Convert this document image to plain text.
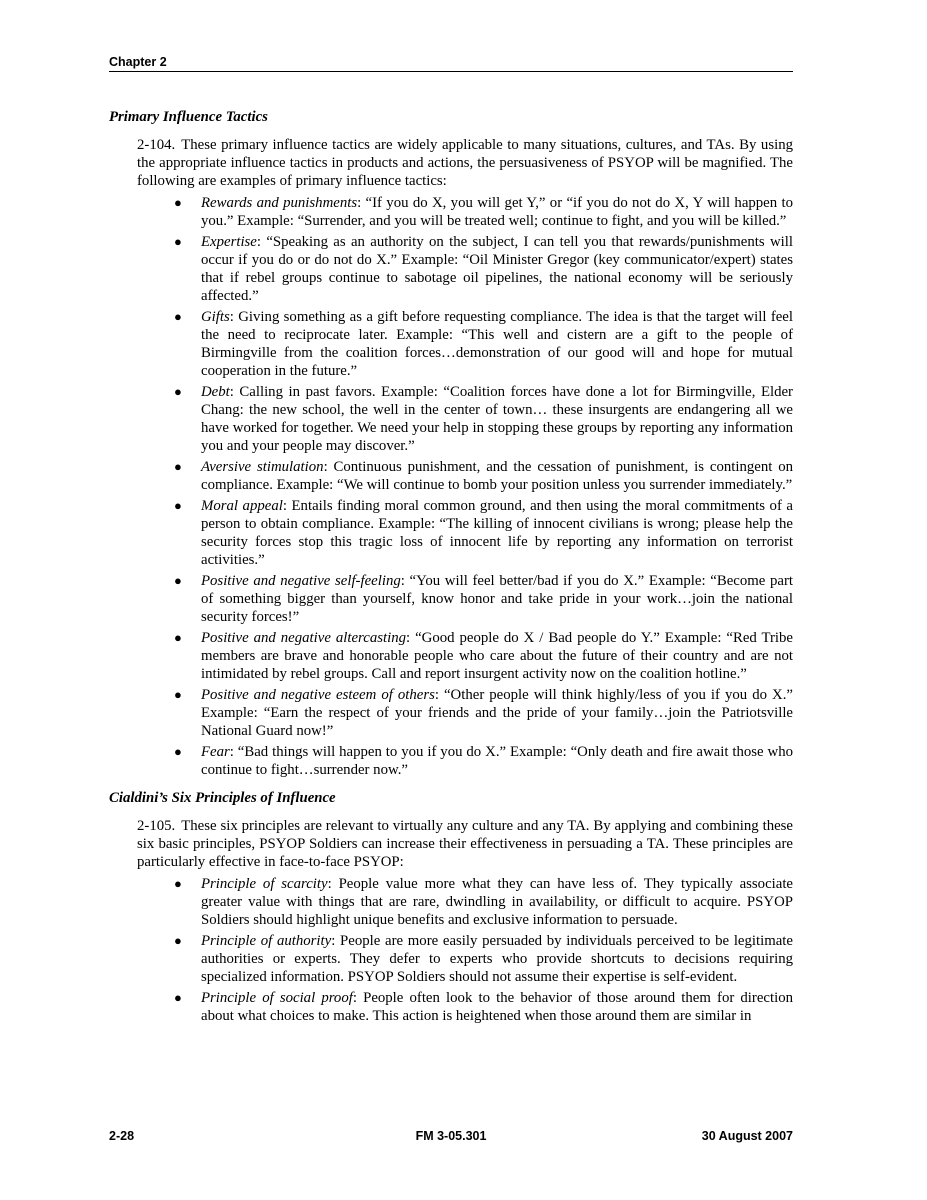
Chapter 2
Primary Influence Tactics

2-104. These primary influence tactics are widely applicable to many situations, cultures, and TAs. By using the appropriate influence tactics in products and actions, the persuasiveness of PSYOP will be magnified. The following are examples of primary influence tactics:

● Rewards and punishments: “If you do X, you will get Y,” or “if you do not do X, Y will happen to you.” Example: “Surrender, and you will be treated well; continue to fight, and you will be killed.”
● Expertise: “Speaking as an authority on the subject, I can tell you that rewards/punishments will occur if you do or do not do X.” Example: “Oil Minister Gregor (key communicator/expert) states that if rebel groups continue to sabotage oil pipelines, the national economy will be seriously affected.”
● Gifts: Giving something as a gift before requesting compliance. The idea is that the target will feel the need to reciprocate later. Example: “This well and cistern are a gift to the people of Birmingville from the coalition forces…demonstration of our good will and hope for mutual cooperation in the future.”
● Debt: Calling in past favors. Example: “Coalition forces have done a lot for Birmingville, Elder Chang: the new school, the well in the center of town… these insurgents are endangering all we have worked for together. We need your help in stopping these groups by reporting any information you and your people may discover.”
● Aversive stimulation: Continuous punishment, and the cessation of punishment, is contingent on compliance. Example: “We will continue to bomb your position unless you surrender immediately.”
● Moral appeal: Entails finding moral common ground, and then using the moral commitments of a person to obtain compliance. Example: “The killing of innocent civilians is wrong; please help the security forces stop this tragic loss of innocent life by reporting any information on terrorist activities.”
● Positive and negative self-feeling: “You will feel better/bad if you do X.” Example: “Become part of something bigger than yourself, know honor and take pride in your work…join the national security forces!”
● Positive and negative altercasting: “Good people do X / Bad people do Y.” Example: “Red Tribe members are brave and honorable people who care about the future of their country and are not intimidated by rebel groups. Call and report insurgent activity now on the coalition hotline.”
● Positive and negative esteem of others: “Other people will think highly/less of you if you do X.” Example: “Earn the respect of your friends and the pride of your family…join the Patriotsville National Guard now!”
● Fear: “Bad things will happen to you if you do X.” Example: “Only death and fire await those who continue to fight…surrender now.”
Cialdini’s Six Principles of Influence

2-105. These six principles are relevant to virtually any culture and any TA. By applying and combining these six basic principles, PSYOP Soldiers can increase their effectiveness in persuading a TA. These principles are particularly effective in face-to-face PSYOP:

● Principle of scarcity: People value more what they can have less of. They typically associate greater value with things that are rare, dwindling in availability, or difficult to acquire. PSYOP Soldiers should highlight unique benefits and exclusive information to persuade.
● Principle of authority: People are more easily persuaded by individuals perceived to be legitimate authorities or experts. They defer to experts who provide shortcuts to decisions requiring specialized information. PSYOP Soldiers should not assume their expertise is self-evident.
● Principle of social proof: People often look to the behavior of those around them for direction about what choices to make. This action is heightened when those around them are similar in
2-28	FM 3-05.301	30 August 2007
